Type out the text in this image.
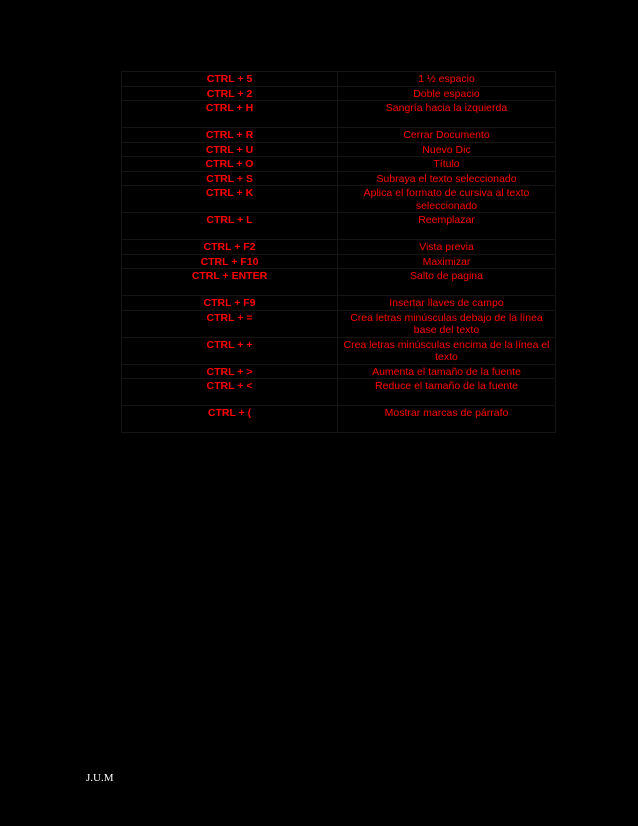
CTRL + 5	1 ½ espacio
CTRL + 2	Doble espacio
CTRL + H	Sangría hacia la izquierda
CTRL + R	Cerrar Documento
CTRL + U	Nuevo Dic
CTRL + O	Título
CTRL + S	Subraya el texto seleccionado
CTRL + K	Aplica el formato de cursiva al texto seleccionado
CTRL + L	Reemplazar
CTRL + F2	Vista previa
CTRL + F10	Maximizar
CTRL + ENTER	Salto de pagina
CTRL + F9	Insertar llaves de campo
CTRL + =	Crea letras minúsculas debajo de la línea base del texto
CTRL + +	Crea letras minúsculas encima de la línea el texto
CTRL + >	Aumenta el tamaño de la fuente
CTRL + <	Reduce el tamaño de la fuente
CTRL + (	Mostrar marcas de párrafo
J.U.M
